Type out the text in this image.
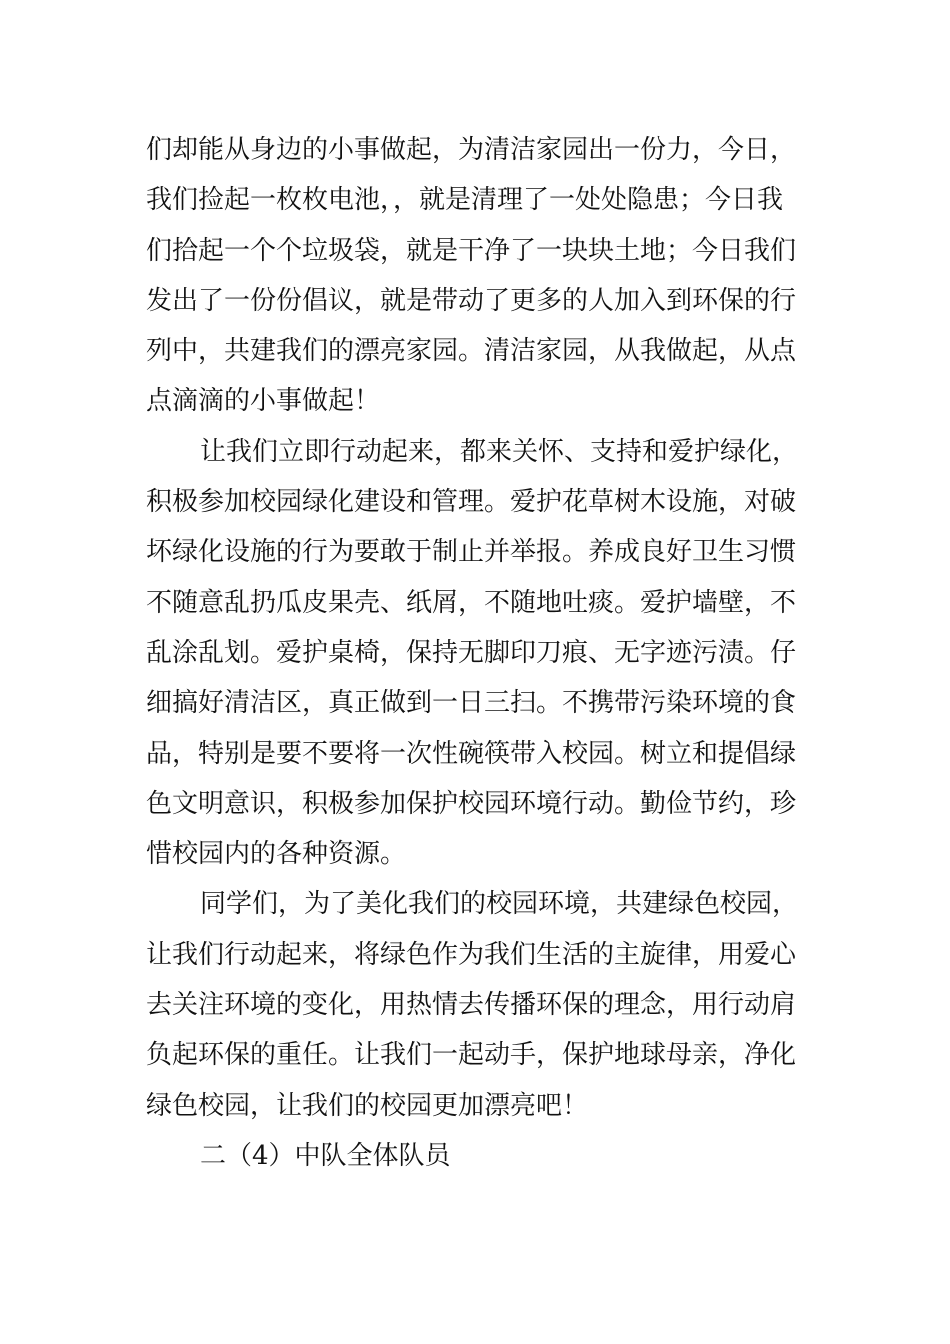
们却能从身边的小事做起，为清洁家园出一份力，今日，
我们捡起一枚枚电池，，就是清理了一处处隐患；今日我
们拾起一个个垃圾袋，就是干净了一块块土地；今日我们
发出了一份份倡议，就是带动了更多的人加入到环保的行
列中，共建我们的漂亮家园。清洁家园，从我做起，从点
点滴滴的小事做起！
让我们立即行动起来，都来关怀、支持和爱护绿化，
积极参加校园绿化建设和管理。爱护花草树木设施，对破
坏绿化设施的行为要敢于制止并举报。养成良好卫生习惯
不随意乱扔瓜皮果壳、纸屑，不随地吐痰。爱护墙壁，不
乱涂乱划。爱护桌椅，保持无脚印刀痕、无字迹污渍。仔
细搞好清洁区，真正做到一日三扫。不携带污染环境的食
品，特别是要不要将一次性碗筷带入校园。树立和提倡绿
色文明意识，积极参加保护校园环境行动。勤俭节约，珍
惜校园内的各种资源。
同学们，为了美化我们的校园环境，共建绿色校园，
让我们行动起来，将绿色作为我们生活的主旋律，用爱心
去关注环境的变化，用热情去传播环保的理念，用行动肩
负起环保的重任。让我们一起动手，保护地球母亲，净化
绿色校园，让我们的校园更加漂亮吧！
二（4）中队全体队员
